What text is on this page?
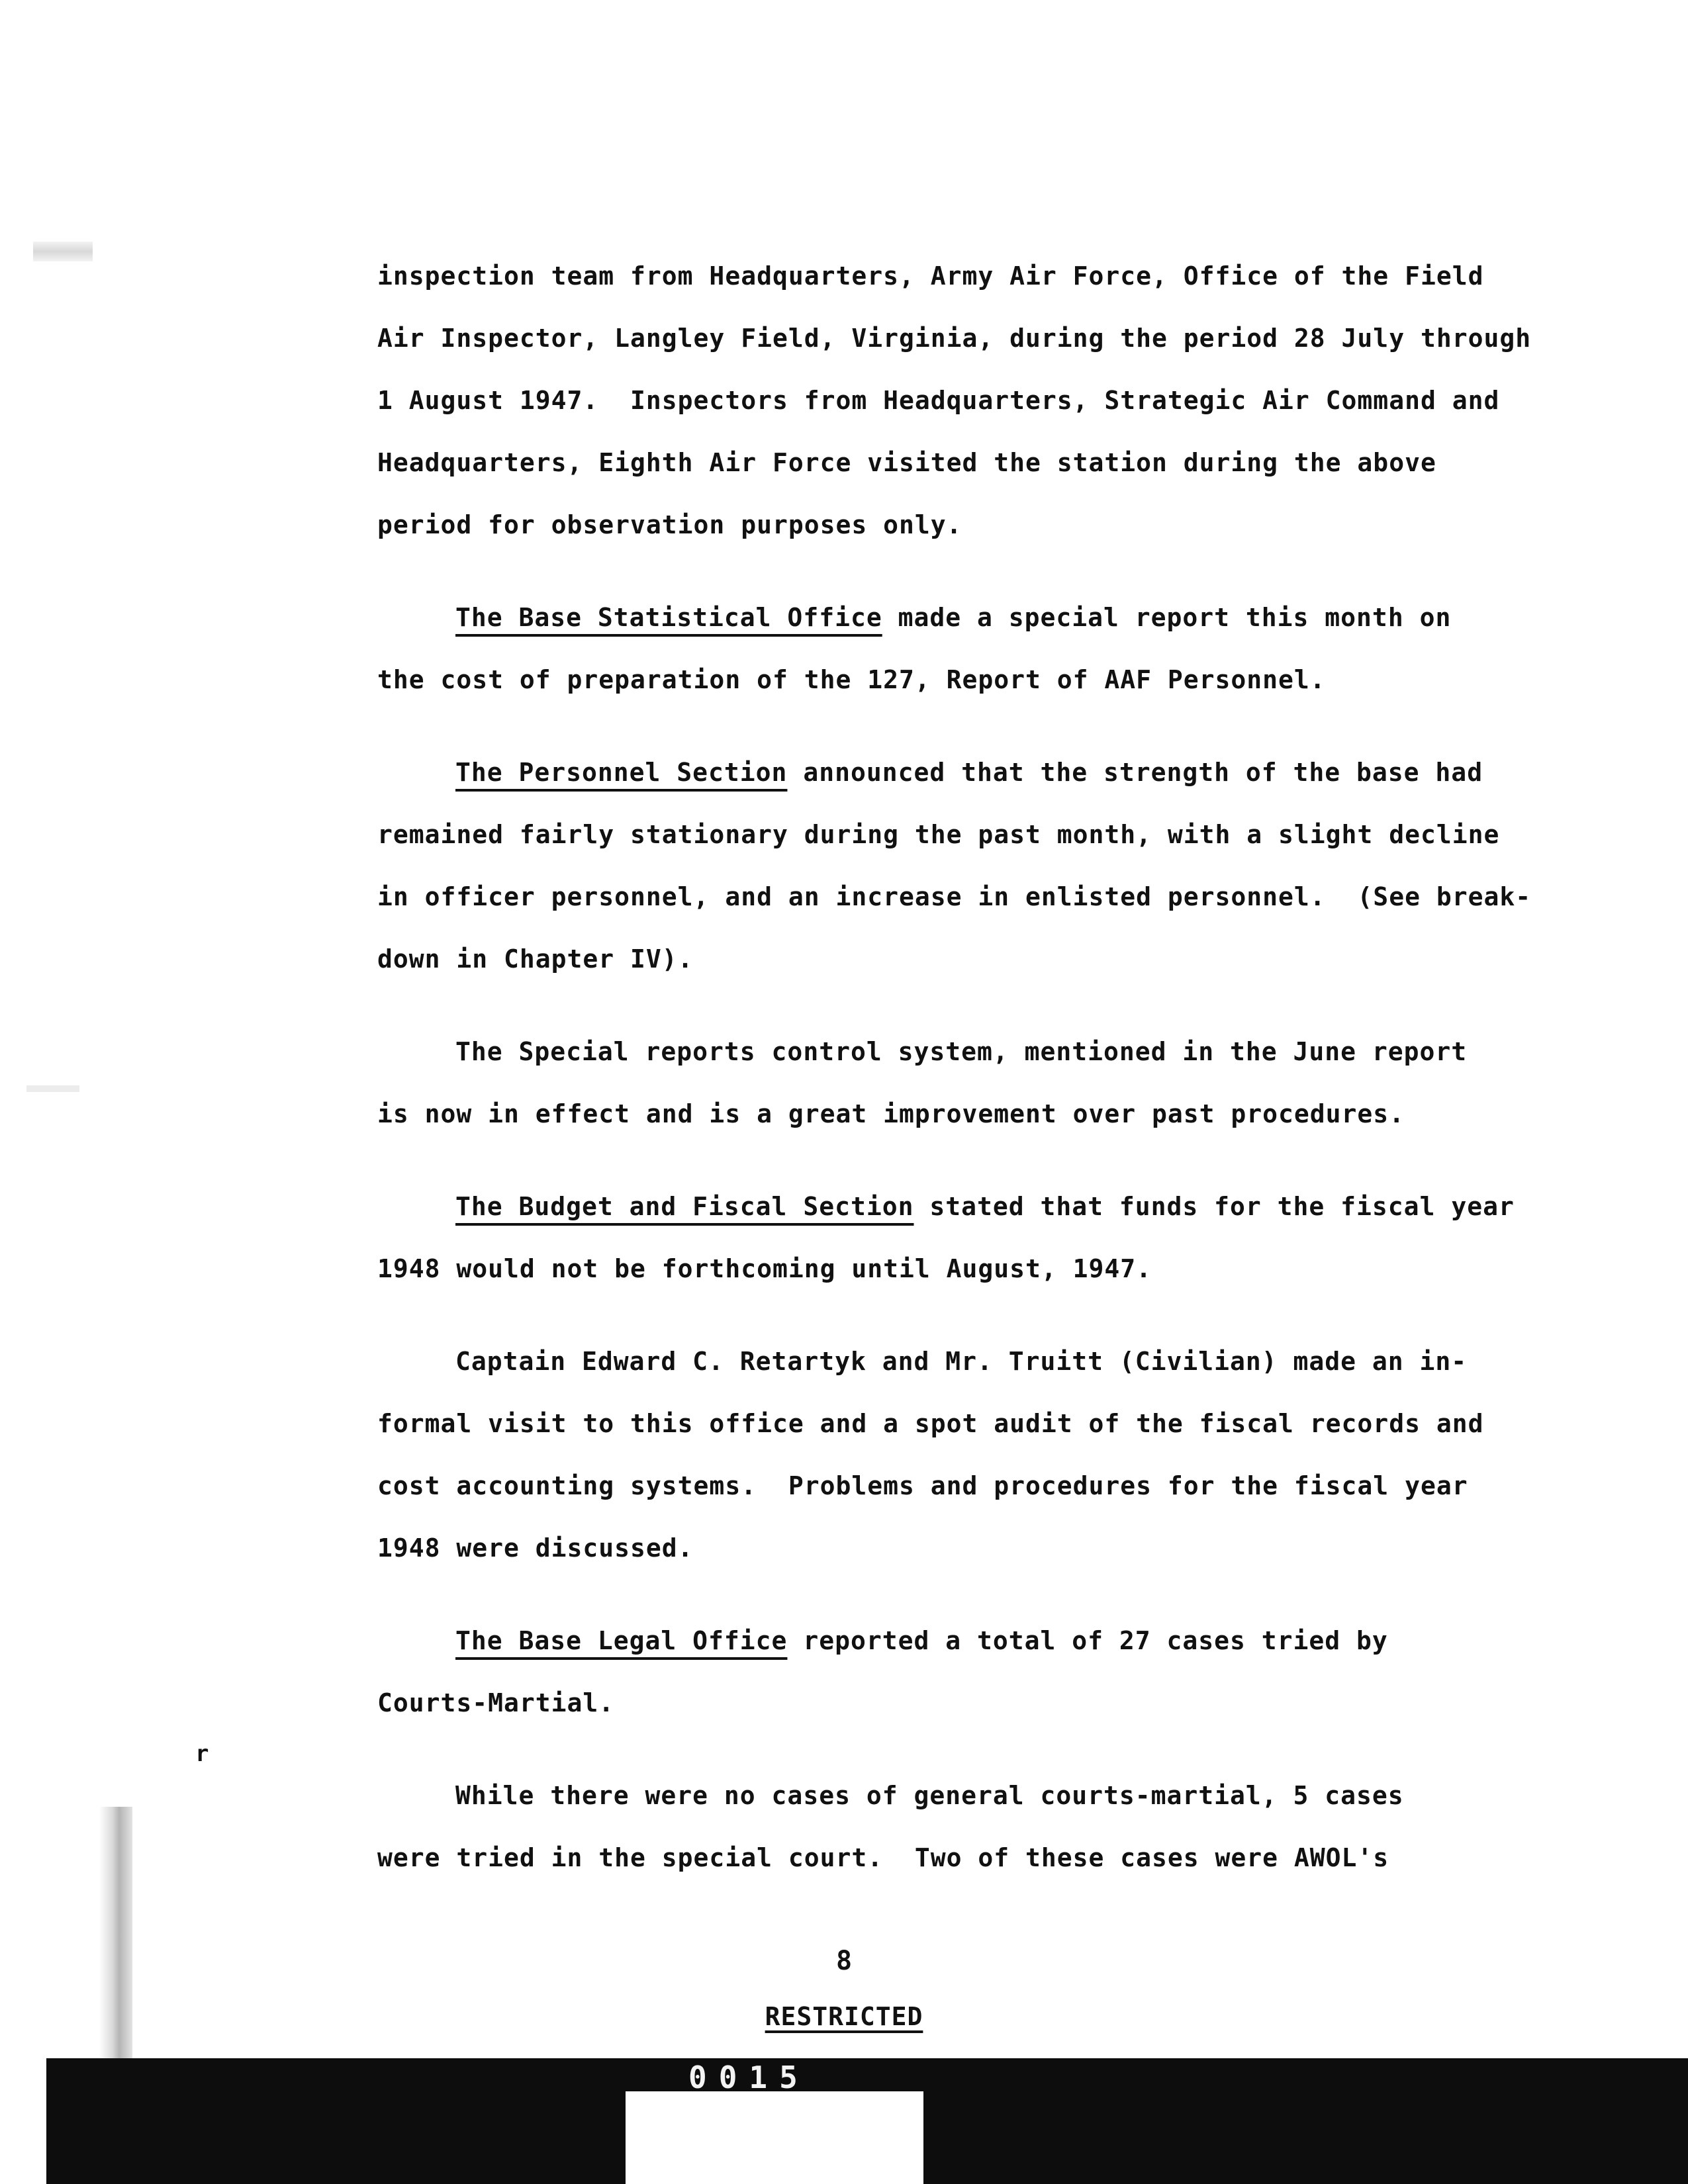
r

inspection team from Headquarters, Army Air Force, Office of the Field

Air Inspector, Langley Field, Virginia, during the period 28 July through

1 August 1947.  Inspectors from Headquarters, Strategic Air Command and

Headquarters, Eighth Air Force visited the station during the above

period for observation purposes only.

The Base Statistical Office made a special report this month on

the cost of preparation of the 127, Report of AAF Personnel.

The Personnel Section announced that the strength of the base had

remained fairly stationary during the past month, with a slight decline

in officer personnel, and an increase in enlisted personnel.  (See break-

down in Chapter IV).

The Special reports control system, mentioned in the June report

is now in effect and is a great improvement over past procedures.

The Budget and Fiscal Section stated that funds for the fiscal year

1948 would not be forthcoming until August, 1947.

Captain Edward C. Retartyk and Mr. Truitt (Civilian) made an in-

formal visit to this office and a spot audit of the fiscal records and

cost accounting systems.  Problems and procedures for the fiscal year

1948 were discussed.

The Base Legal Office reported a total of 27 cases tried by

Courts-Martial.

While there were no cases of general courts-martial, 5 cases

were tried in the special court.  Two of these cases were AWOL's

8
RESTRICTED
0015
